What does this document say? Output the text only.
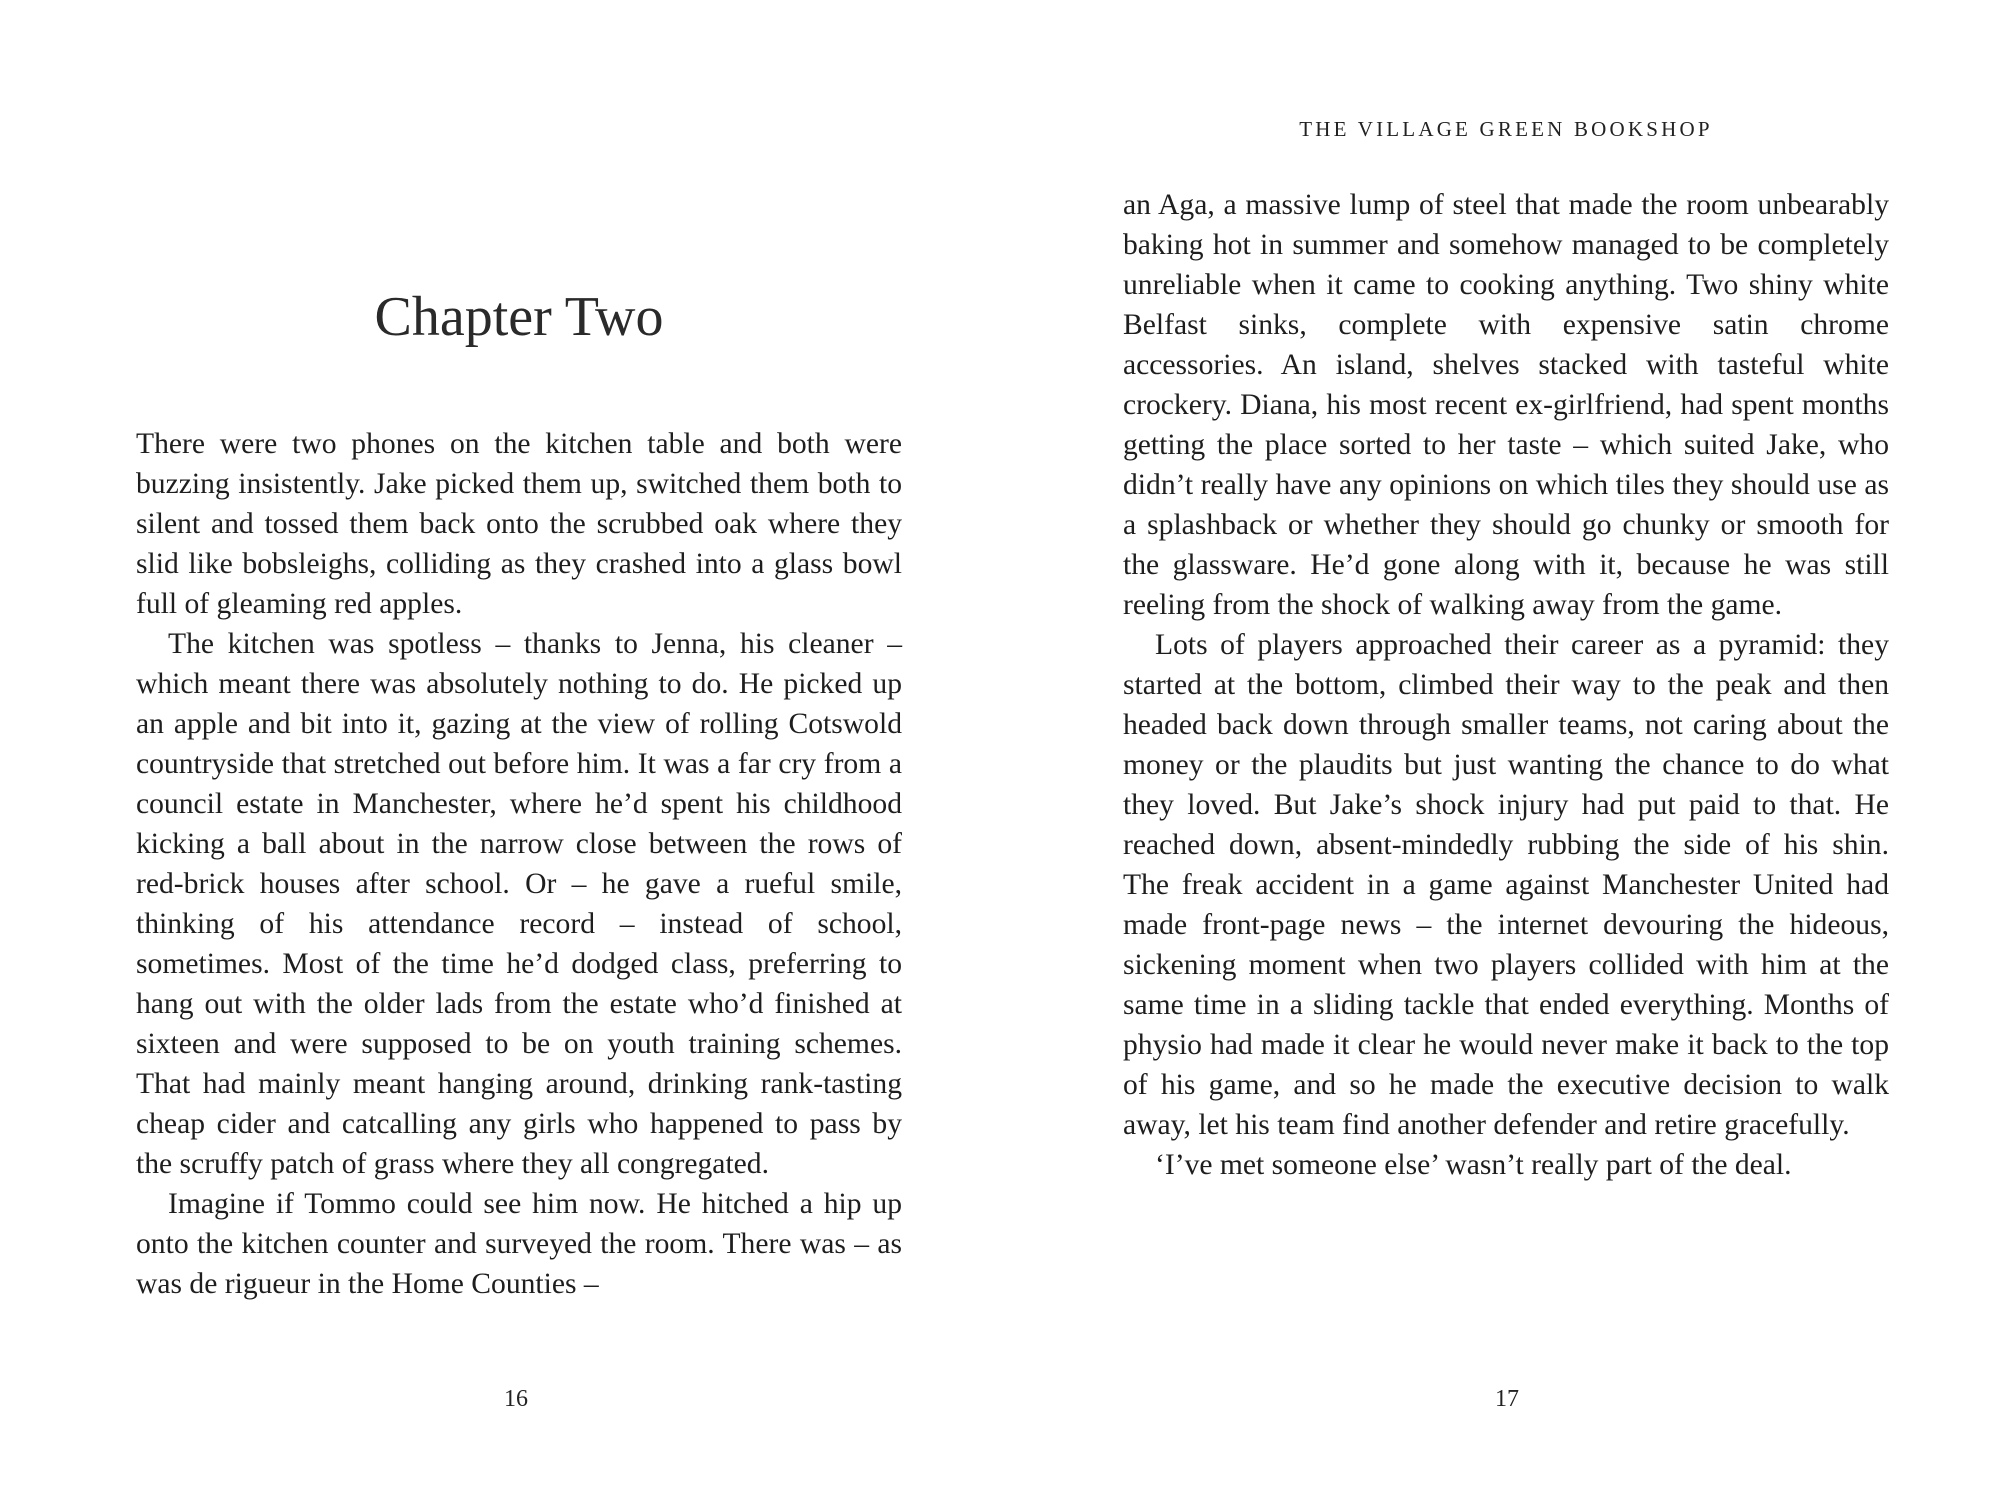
Chapter Two

There were two phones on the kitchen table and both were buzzing insistently. Jake picked them up, switched them both to silent and tossed them back onto the scrubbed oak where they slid like bobsleighs, colliding as they crashed into a glass bowl full of gleaming red apples.

The kitchen was spotless – thanks to Jenna, his cleaner – which meant there was absolutely nothing to do. He picked up an apple and bit into it, gazing at the view of rolling Cotswold countryside that stretched out before him. It was a far cry from a council estate in Manchester, where he’d spent his childhood kicking a ball about in the narrow close between the rows of red-brick houses after school. Or – he gave a rueful smile, thinking of his attendance record – instead of school, sometimes. Most of the time he’d dodged class, preferring to hang out with the older lads from the estate who’d finished at sixteen and were supposed to be on youth training schemes. That had mainly meant hanging around, drinking rank-tasting cheap cider and catcalling any girls who happened to pass by the scruffy patch of grass where they all congregated.

Imagine if Tommo could see him now. He hitched a hip up onto the kitchen counter and surveyed the room. There was – as was de rigueur in the Home Counties –

16
THE VILLAGE GREEN BOOKSHOP

an Aga, a massive lump of steel that made the room unbearably baking hot in summer and somehow managed to be completely unreliable when it came to cooking anything. Two shiny white Belfast sinks, complete with expensive satin chrome accessories. An island, shelves stacked with tasteful white crockery. Diana, his most recent ex-girlfriend, had spent months getting the place sorted to her taste – which suited Jake, who didn’t really have any opinions on which tiles they should use as a splashback or whether they should go chunky or smooth for the glassware. He’d gone along with it, because he was still reeling from the shock of walking away from the game.

Lots of players approached their career as a pyramid: they started at the bottom, climbed their way to the peak and then headed back down through smaller teams, not caring about the money or the plaudits but just wanting the chance to do what they loved. But Jake’s shock injury had put paid to that. He reached down, absent-mindedly rubbing the side of his shin. The freak accident in a game against Manchester United had made front-page news – the internet devouring the hideous, sickening moment when two players collided with him at the same time in a sliding tackle that ended everything. Months of physio had made it clear he would never make it back to the top of his game, and so he made the executive decision to walk away, let his team find another defender and retire gracefully.

‘I’ve met someone else’ wasn’t really part of the deal.

17
